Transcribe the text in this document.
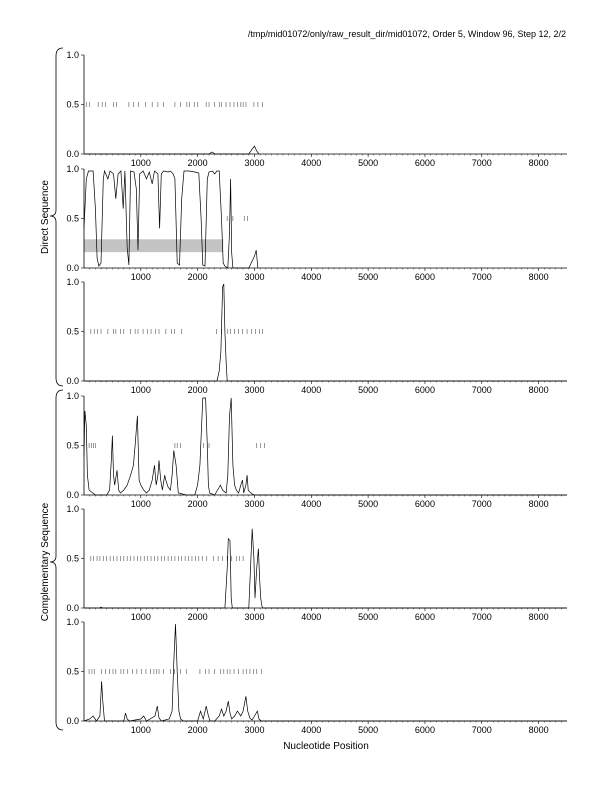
/tmp/mid01072/only/raw_result_dir/mid01072, Order 5, Window 96, Step 12, 2/2
0.0
0.5
1.0
1000	2000	3000	4000	5000	6000	7000	8000
0.0
0.5
1.0
1000	2000	3000	4000	5000	6000	7000	8000
0.0
0.5
1.0
1000	2000	3000	4000	5000	6000	7000	8000
0.0
0.5
1.0
1000	2000	3000	4000	5000	6000	7000	8000
0.0
0.5
1.0
1000	2000	3000	4000	5000	6000	7000	8000
0.0
0.5
1.0
1000	2000	3000	4000	5000	6000	7000	8000
Direct Sequence
Complementary Sequence
Nucleotide Position
